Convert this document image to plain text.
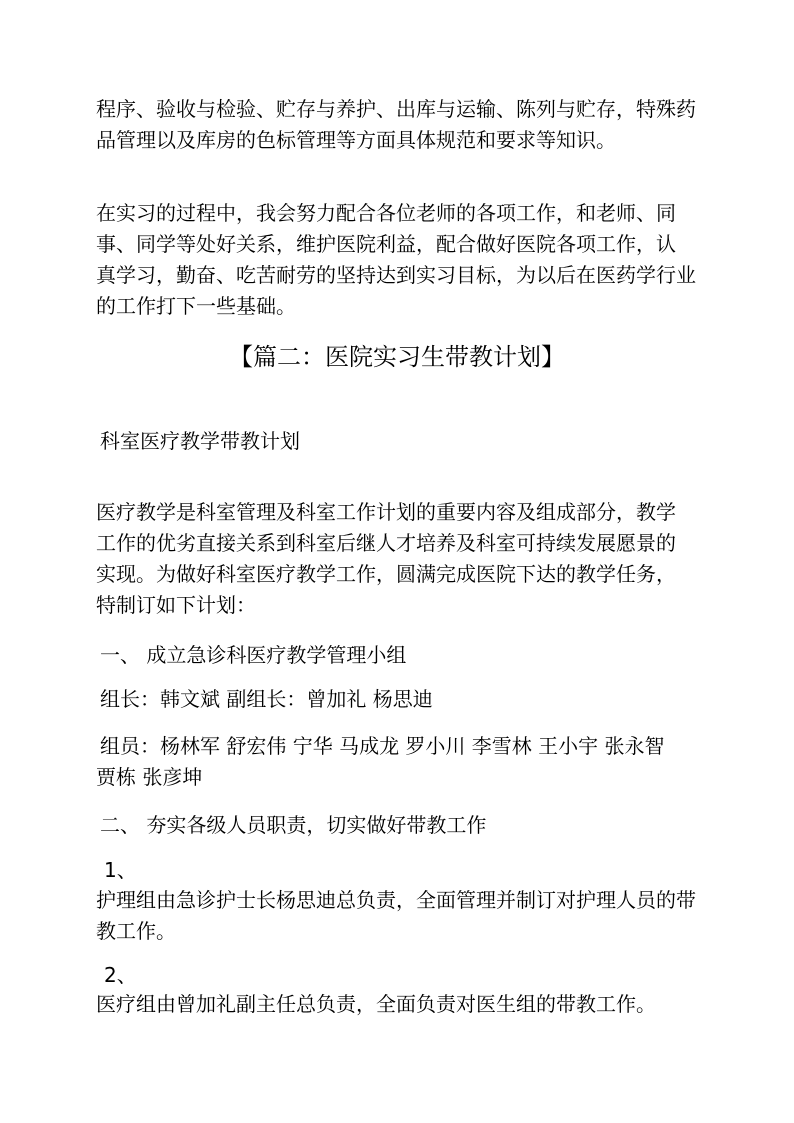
程序、验收与检验、贮存与养护、出库与运输、陈列与贮存，特殊药
品管理以及库房的色标管理等方面具体规范和要求等知识。

在实习的过程中，我会努力配合各位老师的各项工作，和老师、同
事、同学等处好关系，维护医院利益，配合做好医院各项工作，认
真学习，勤奋、吃苦耐劳的坚持达到实习目标，为以后在医药学行业
的工作打下一些基础。

【篇二：医院实习生带教计划】

科室医疗教学带教计划

医疗教学是科室管理及科室工作计划的重要内容及组成部分，教学
工作的优劣直接关系到科室后继人才培养及科室可持续发展愿景的
实现。为做好科室医疗教学工作，圆满完成医院下达的教学任务，
特制订如下计划：

一、 成立急诊科医疗教学管理小组

组长：韩文斌 副组长：曾加礼 杨思迪

组员：杨林军 舒宏伟 宁华 马成龙 罗小川 李雪林 王小宇 张永智
贾栋 张彦坤

二、 夯实各级人员职责，切实做好带教工作

1、

护理组由急诊护士长杨思迪总负责，全面管理并制订对护理人员的带
教工作。

2、

医疗组由曾加礼副主任总负责，全面负责对医生组的带教工作。
